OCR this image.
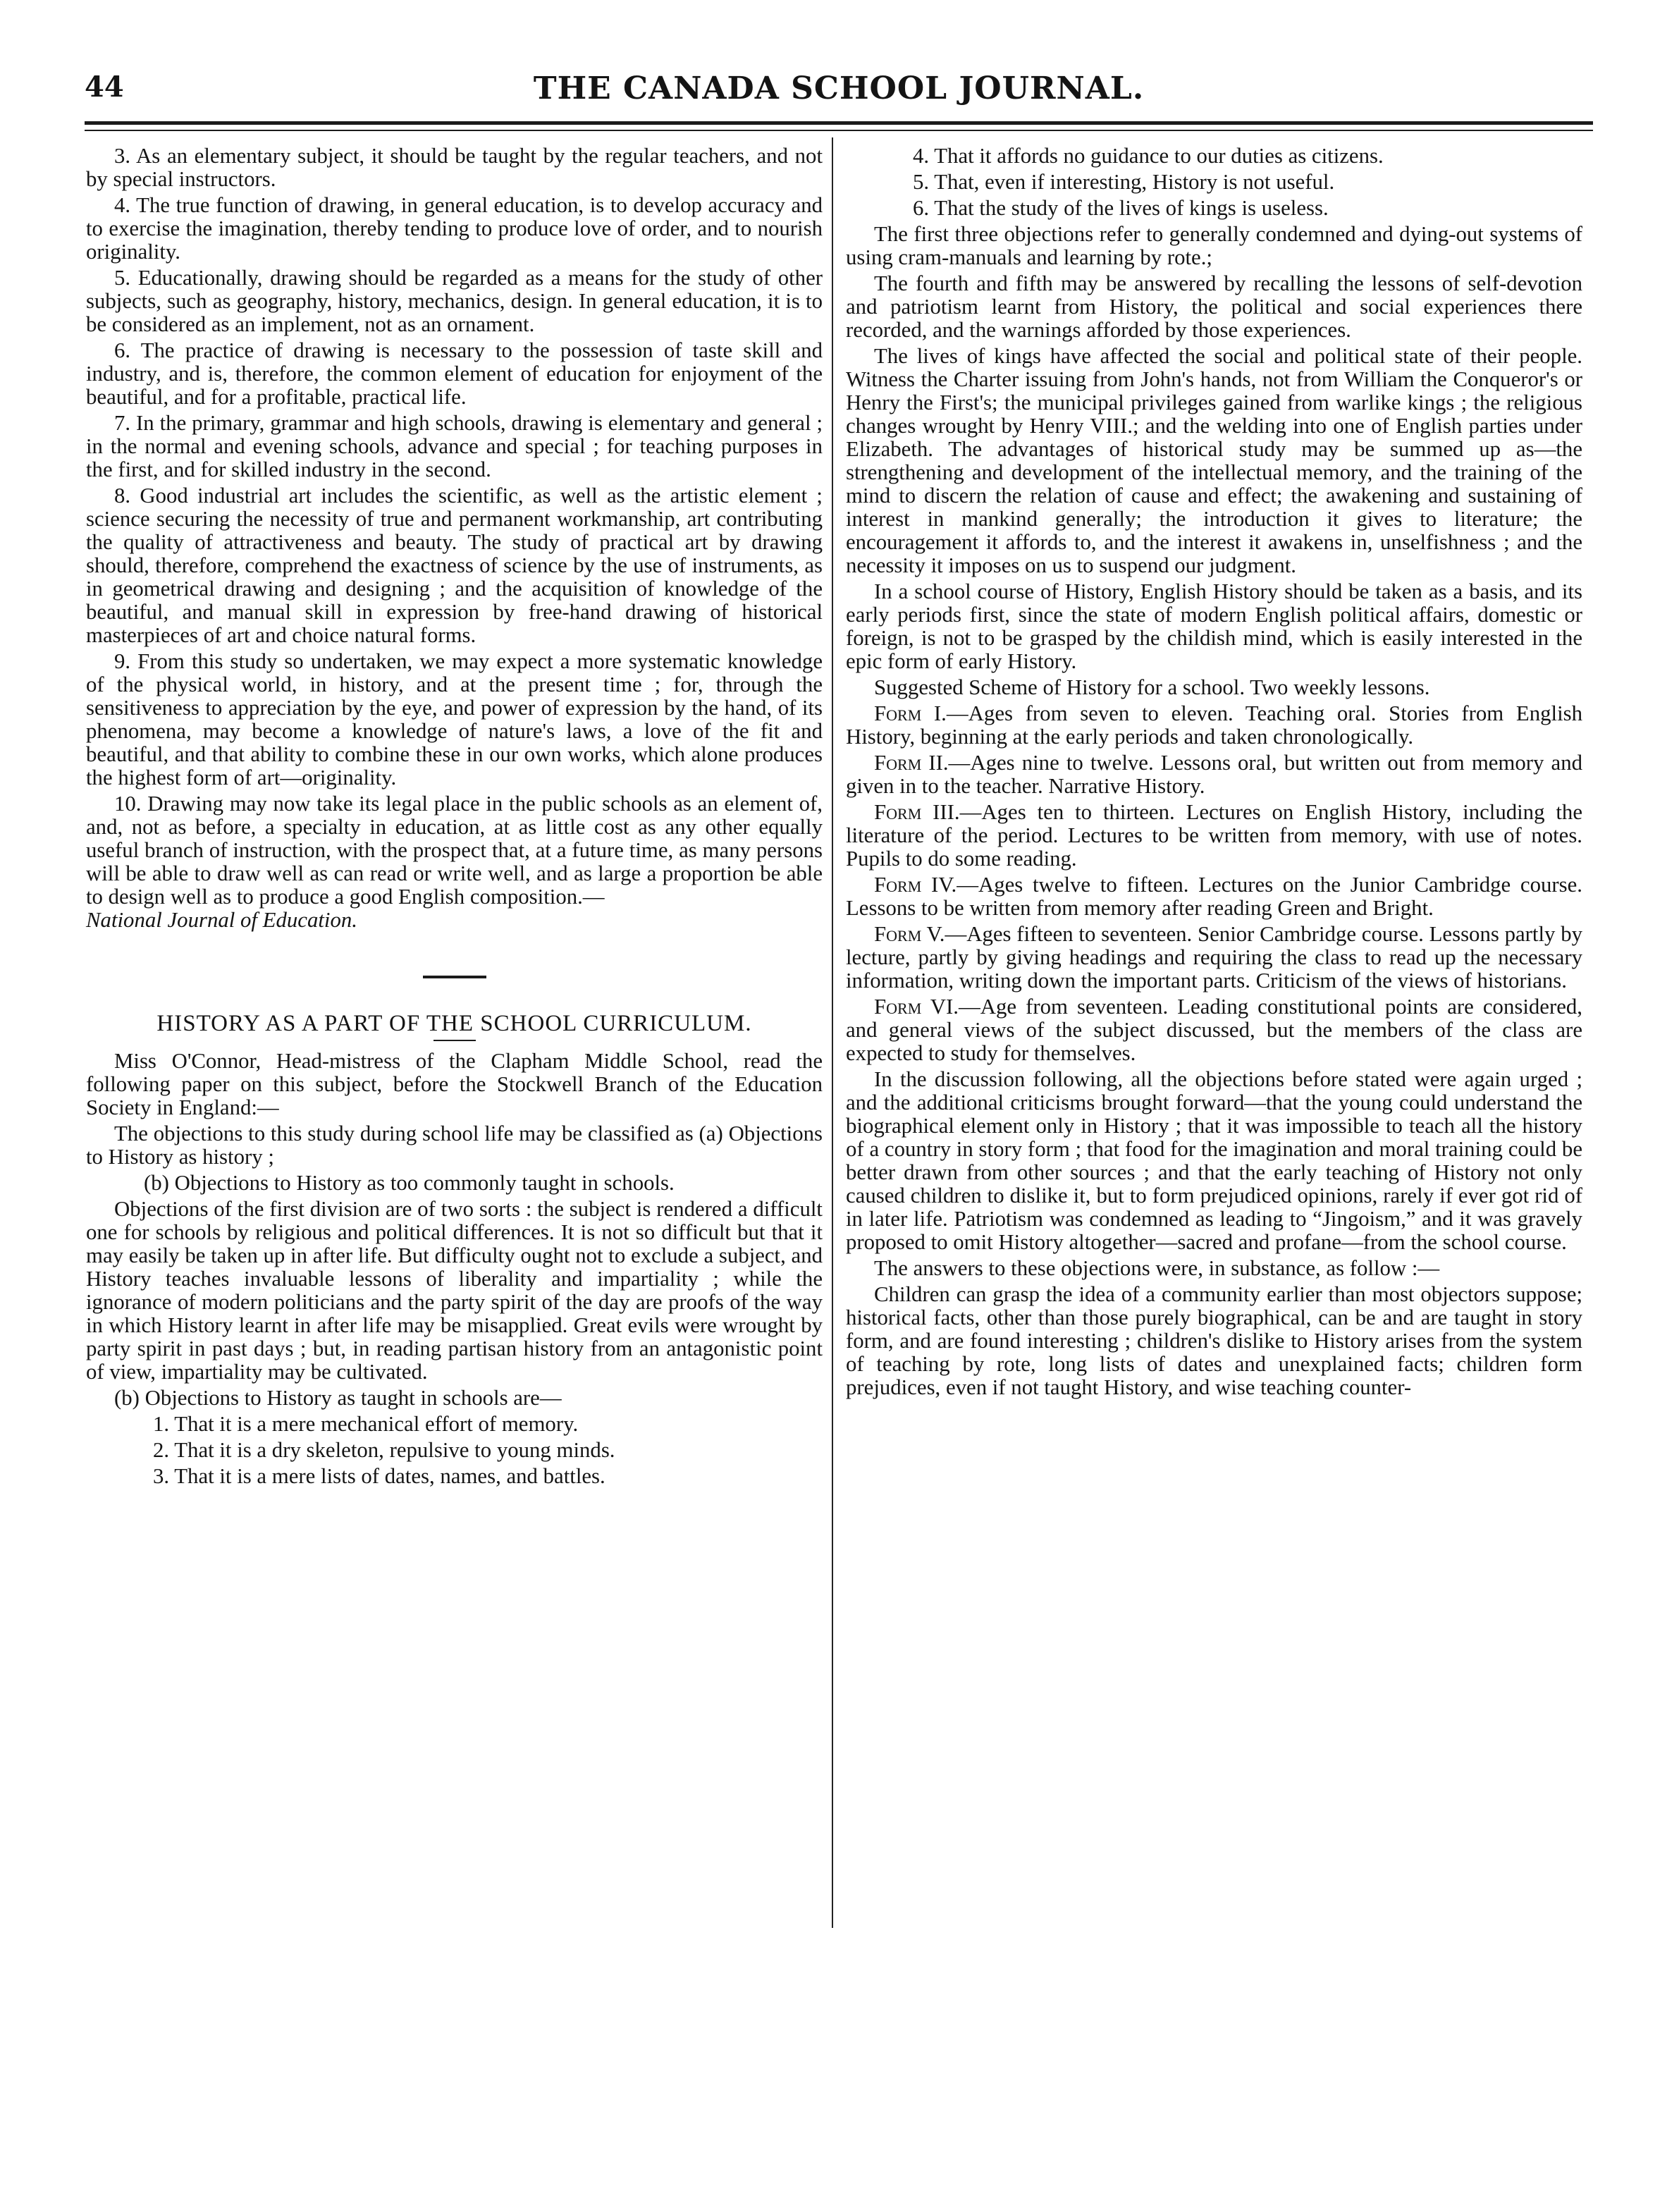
44	THE CANADA SCHOOL JOURNAL.

3. As an elementary subject, it should be taught by the regular teachers, and not by special instructors.

4. The true function of drawing, in general education, is to develop accuracy and to exercise the imagination, thereby tending to produce love of order, and to nourish originality.

5. Educationally, drawing should be regarded as a means for the study of other subjects, such as geography, history, mechanics, design. In general education, it is to be considered as an implement, not as an ornament.

6. The practice of drawing is necessary to the possession of taste skill and industry, and is, therefore, the common element of education for enjoyment of the beautiful, and for a profitable, practical life.

7. In the primary, grammar and high schools, drawing is elementary and general ; in the normal and evening schools, advance and special ; for teaching purposes in the first, and for skilled industry in the second.

8. Good industrial art includes the scientific, as well as the artistic element ; science securing the necessity of true and permanent workmanship, art contributing the quality of attractiveness and beauty. The study of practical art by drawing should, therefore, comprehend the exactness of science by the use of instruments, as in geometrical drawing and designing ; and the acquisition of knowledge of the beautiful, and manual skill in expression by free-hand drawing of historical masterpieces of art and choice natural forms.

9. From this study so undertaken, we may expect a more systematic knowledge of the physical world, in history, and at the present time ; for, through the sensitiveness to appreciation by the eye, and power of expression by the hand, of its phenomena, may become a knowledge of nature's laws, a love of the fit and beautiful, and that ability to combine these in our own works, which alone produces the highest form of art—originality.

10. Drawing may now take its legal place in the public schools as an element of, and, not as before, a specialty in education, at as little cost as any other equally useful branch of instruction, with the prospect that, at a future time, as many persons will be able to draw well as can read or write well, and as large a proportion be able to design well as to produce a good English composition.—
National Journal of Education.

HISTORY AS A PART OF THE SCHOOL CURRICULUM.

Miss O'Connor, Head-mistress of the Clapham Middle School, read the following paper on this subject, before the Stockwell Branch of the Education Society in England:—

The objections to this study during school life may be classified as (a) Objections to History as history ;

(b) Objections to History as too commonly taught in schools.

Objections of the first division are of two sorts : the subject is rendered a difficult one for schools by religious and political differences. It is not so difficult but that it may easily be taken up in after life. But difficulty ought not to exclude a subject, and History teaches invaluable lessons of liberality and impartiality ; while the ignorance of modern politicians and the party spirit of the day are proofs of the way in which History learnt in after life may be misapplied. Great evils were wrought by party spirit in past days ; but, in reading partisan history from an antagonistic point of view, impartiality may be cultivated.

(b) Objections to History as taught in schools are—

1. That it is a mere mechanical effort of memory.

2. That it is a dry skeleton, repulsive to young minds.

3. That it is a mere lists of dates, names, and battles.

4. That it affords no guidance to our duties as citizens.

5. That, even if interesting, History is not useful.

6. That the study of the lives of kings is useless.

The first three objections refer to generally condemned and dying-out systems of using cram-manuals and learning by rote.;

The fourth and fifth may be answered by recalling the lessons of self-devotion and patriotism learnt from History, the political and social experiences there recorded, and the warnings afforded by those experiences.

The lives of kings have affected the social and political state of their people. Witness the Charter issuing from John's hands, not from William the Conqueror's or Henry the First's; the municipal privileges gained from warlike kings ; the religious changes wrought by Henry VIII.; and the welding into one of English parties under Elizabeth. The advantages of historical study may be summed up as—the strengthening and development of the intellectual memory, and the training of the mind to discern the relation of cause and effect; the awakening and sustaining of interest in mankind generally; the introduction it gives to literature; the encouragement it affords to, and the interest it awakens in, unselfishness ; and the necessity it imposes on us to suspend our judgment.

In a school course of History, English History should be taken as a basis, and its early periods first, since the state of modern English political affairs, domestic or foreign, is not to be grasped by the childish mind, which is easily interested in the epic form of early History.

Suggested Scheme of History for a school. Two weekly lessons.

Form I.—Ages from seven to eleven. Teaching oral. Stories from English History, beginning at the early periods and taken chronologically.

Form II.—Ages nine to twelve. Lessons oral, but written out from memory and given in to the teacher. Narrative History.

Form III.—Ages ten to thirteen. Lectures on English History, including the literature of the period. Lectures to be written from memory, with use of notes. Pupils to do some reading.

Form IV.—Ages twelve to fifteen. Lectures on the Junior Cambridge course. Lessons to be written from memory after reading Green and Bright.

Form V.—Ages fifteen to seventeen. Senior Cambridge course. Lessons partly by lecture, partly by giving headings and requiring the class to read up the necessary information, writing down the important parts. Criticism of the views of historians.

Form VI.—Age from seventeen. Leading constitutional points are considered, and general views of the subject discussed, but the members of the class are expected to study for themselves.

In the discussion following, all the objections before stated were again urged ; and the additional criticisms brought forward—that the young could understand the biographical element only in History ; that it was impossible to teach all the history of a country in story form ; that food for the imagination and moral training could be better drawn from other sources ; and that the early teaching of History not only caused children to dislike it, but to form prejudiced opinions, rarely if ever got rid of in later life. Patriotism was condemned as leading to “Jingoism,” and it was gravely proposed to omit History altogether—sacred and profane—from the school course.

The answers to these objections were, in substance, as follow :—

Children can grasp the idea of a community earlier than most objectors suppose; historical facts, other than those purely biographical, can be and are taught in story form, and are found interesting ; children's dislike to History arises from the system of teaching by rote, long lists of dates and unexplained facts; children form prejudices, even if not taught History, and wise teaching counter-
